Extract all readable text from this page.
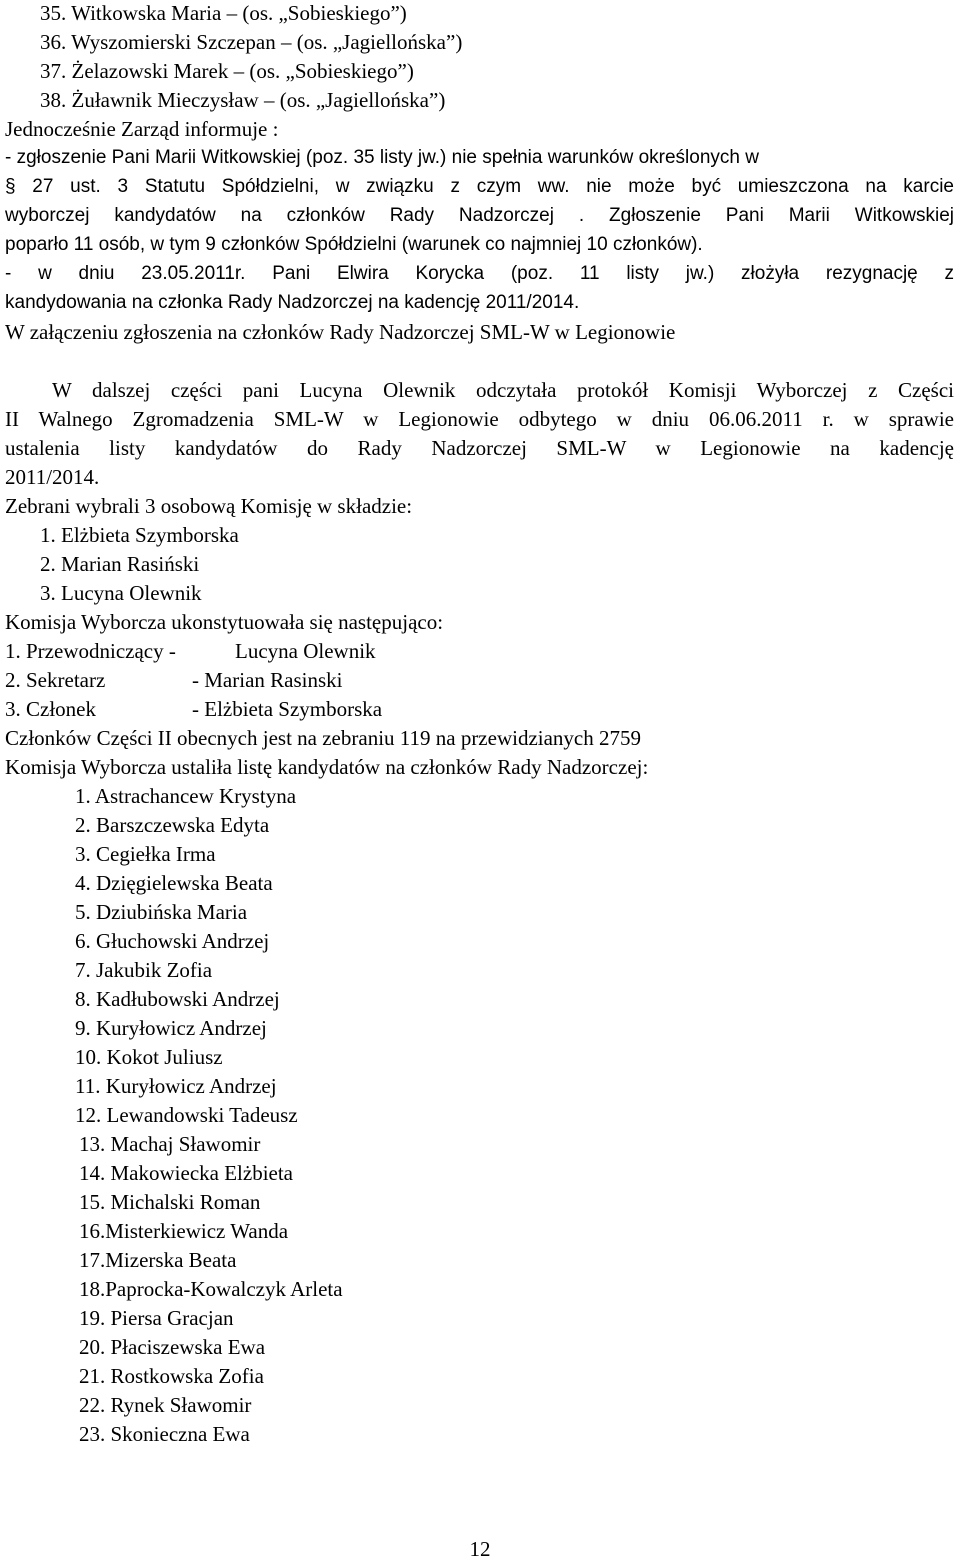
35. Witkowska Maria – (os. „Sobieskiego”)

36. Wyszomierski Szczepan – (os. „Jagiellońska”)

37. Żelazowski Marek – (os. „Sobieskiego”)

38. Żuławnik Mieczysław – (os. „Jagiellońska”)

Jednocześnie Zarząd informuje :

- zgłoszenie Pani Marii Witkowskiej (poz. 35 listy jw.) nie spełnia warunków określonych w

§ 27 ust. 3 Statutu Spółdzielni, w związku z czym ww. nie może być umieszczona na karcie

wyborczej kandydatów na członków Rady Nadzorczej . Zgłoszenie Pani Marii Witkowskiej

poparło 11 osób, w tym 9 członków Spółdzielni (warunek co najmniej 10 członków).

- w dniu 23.05.2011r. Pani Elwira Korycka (poz. 11 listy jw.) złożyła rezygnację z

kandydowania na członka Rady Nadzorczej na kadencję 2011/2014.

W załączeniu zgłoszenia na członków Rady Nadzorczej SML-W w Legionowie

W dalszej części pani Lucyna Olewnik odczytała protokół Komisji Wyborczej z Części

II Walnego Zgromadzenia SML-W w Legionowie odbytego w dniu 06.06.2011 r. w sprawie

ustalenia listy kandydatów do Rady Nadzorczej SML-W w Legionowie na kadencję

2011/2014.

Zebrani wybrali 3 osobową Komisję w składzie:

1. Elżbieta Szymborska

2. Marian Rasiński

3. Lucyna Olewnik

Komisja Wyborcza ukonstytuowała się następująco:

1. Przewodniczący -	Lucyna Olewnik

2. Sekretarz	- Marian Rasinski

3. Członek	- Elżbieta Szymborska

Członków Części II obecnych jest na zebraniu 119 na przewidzianych 2759

Komisja Wyborcza ustaliła listę kandydatów na członków Rady Nadzorczej:

1. Astrachancew Krystyna

2. Barszczewska Edyta

3. Cegiełka Irma

4. Dzięgielewska Beata

5. Dziubińska Maria

6. Głuchowski Andrzej

7. Jakubik Zofia

8. Kadłubowski Andrzej

9. Kuryłowicz Andrzej

10. Kokot Juliusz

11. Kuryłowicz Andrzej

12. Lewandowski Tadeusz

13. Machaj Sławomir

14. Makowiecka Elżbieta

15. Michalski Roman

16.Misterkiewicz Wanda

17.Mizerska Beata

18.Paprocka-Kowalczyk Arleta

19. Piersa Gracjan

20. Płaciszewska Ewa

21. Rostkowska Zofia

22. Rynek Sławomir

23. Skonieczna Ewa

12
